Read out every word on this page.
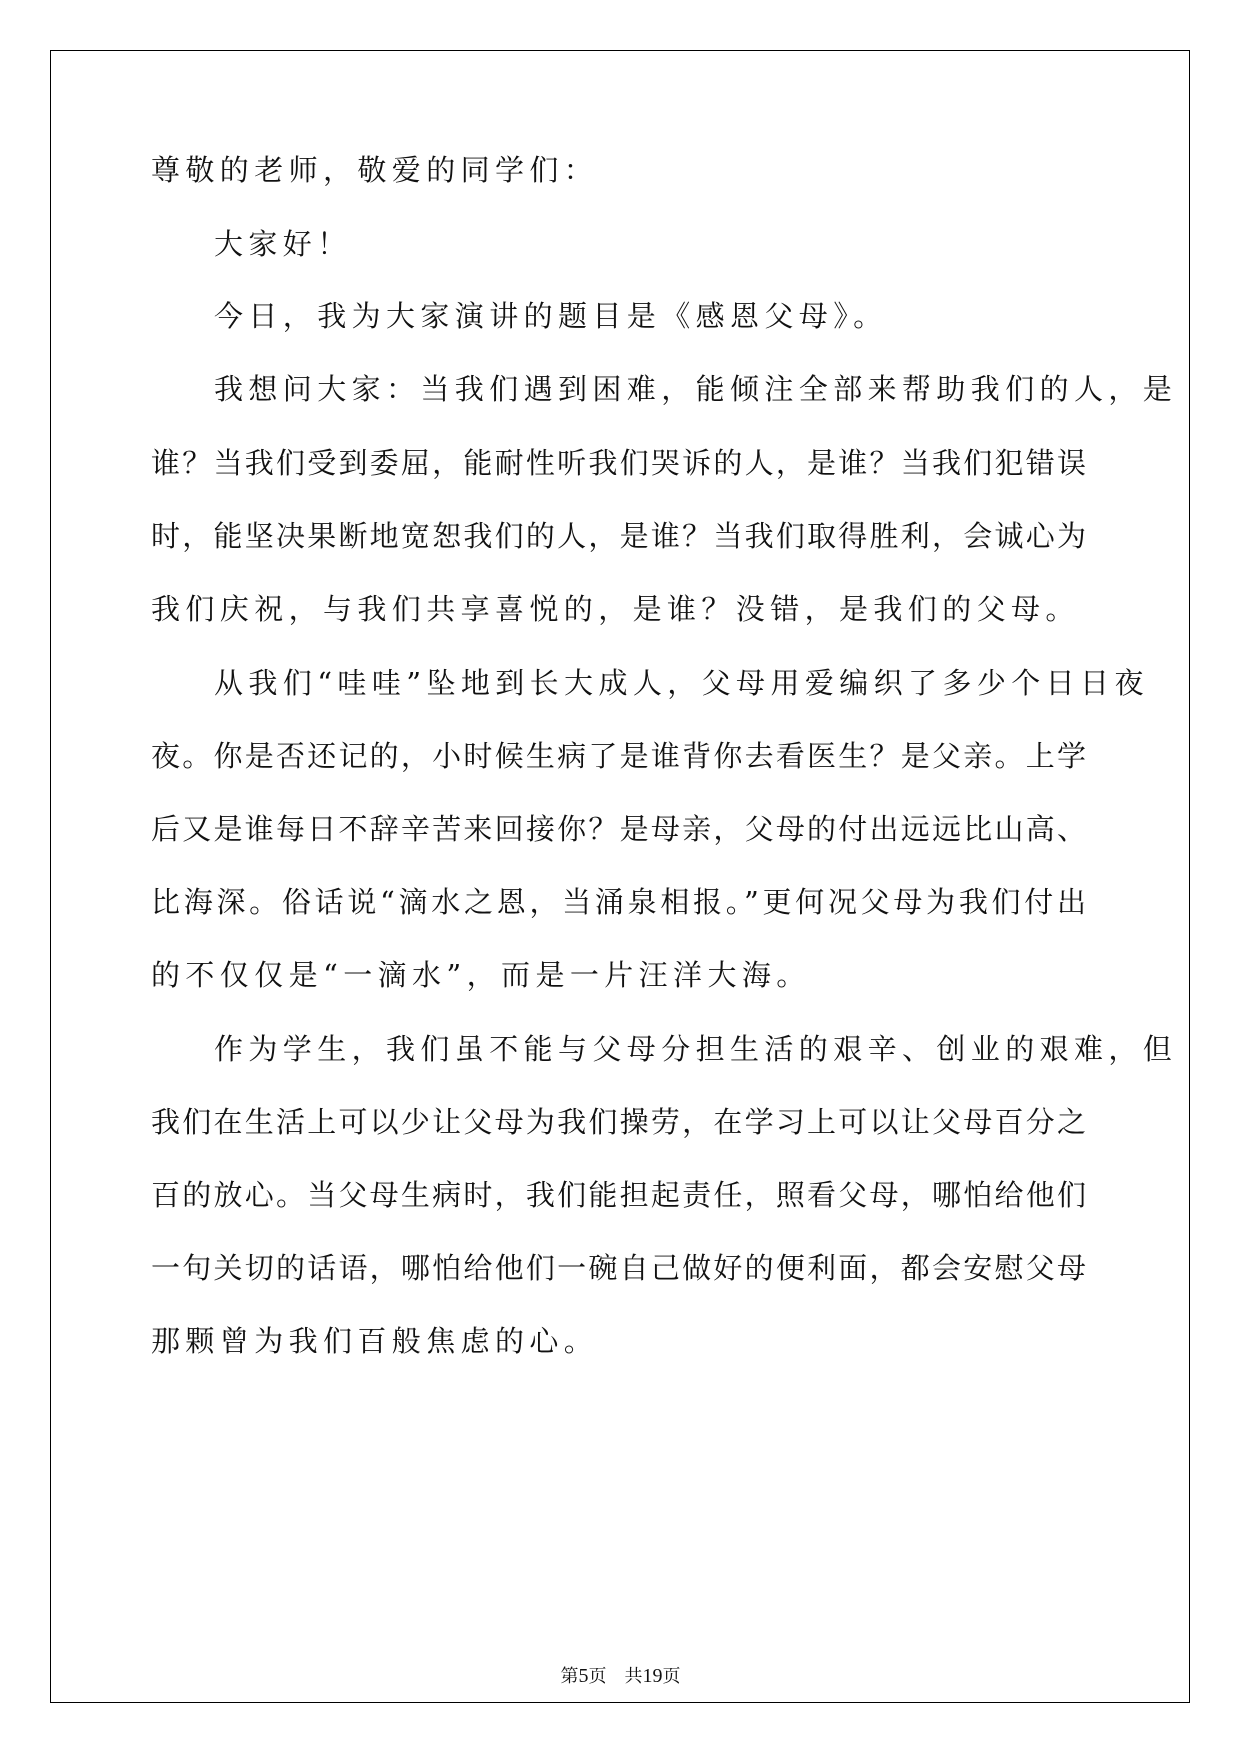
尊敬的老师，敬爱的同学们：
大家好！
今日，我为大家演讲的题目是《感恩父母》。
我想问大家：当我们遇到困难，能倾注全部来帮助我们的人，是
谁？当我们受到委屈，能耐性听我们哭诉的人，是谁？当我们犯错误
时，能坚决果断地宽恕我们的人，是谁？当我们取得胜利，会诚心为
我们庆祝，与我们共享喜悦的，是谁？没错，是我们的父母。
从我们“哇哇”坠地到长大成人，父母用爱编织了多少个日日夜
夜。你是否还记的，小时候生病了是谁背你去看医生？是父亲。上学
后又是谁每日不辞辛苦来回接你？是母亲，父母的付出远远比山高、
比海深。俗话说“滴水之恩，当涌泉相报。”更何况父母为我们付出
的不仅仅是“一滴水”，而是一片汪洋大海。
作为学生，我们虽不能与父母分担生活的艰辛、创业的艰难，但
我们在生活上可以少让父母为我们操劳，在学习上可以让父母百分之
百的放心。当父母生病时，我们能担起责任，照看父母，哪怕给他们
一句关切的话语，哪怕给他们一碗自己做好的便利面，都会安慰父母
那颗曾为我们百般焦虑的心。
第5页　 共19页
